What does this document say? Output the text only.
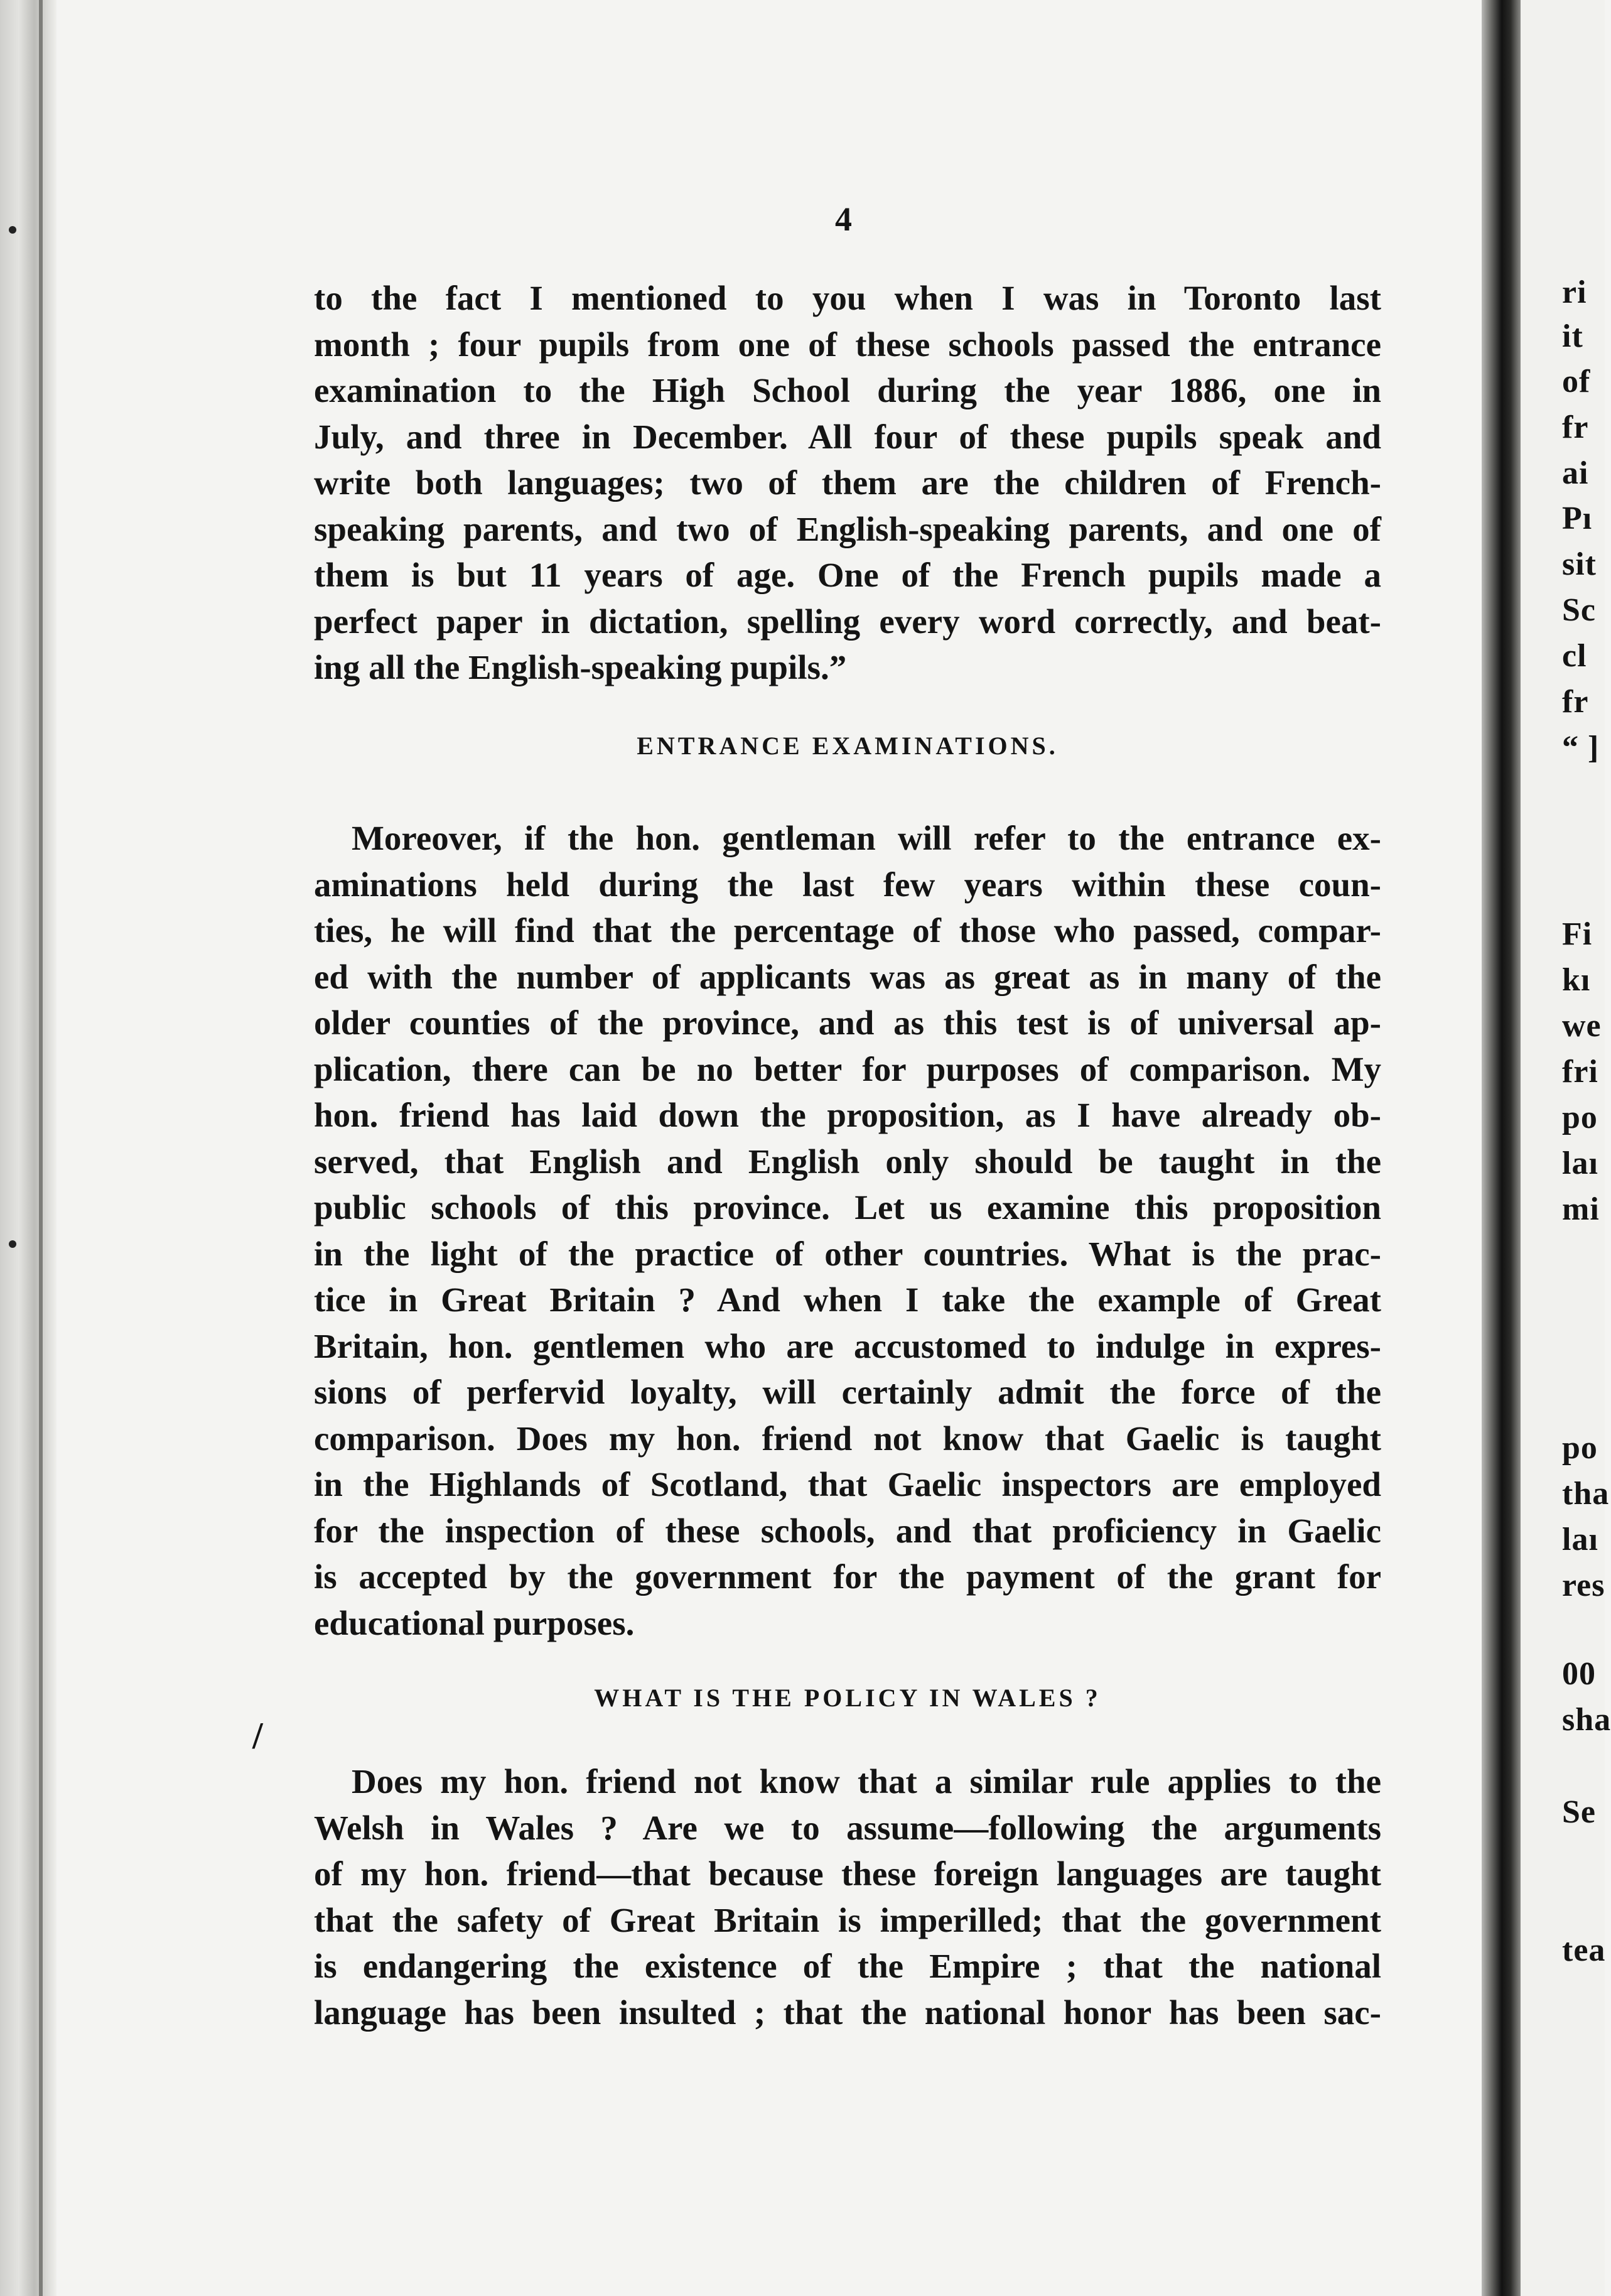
4
to the fact I mentioned to you when I was in Toronto last
month ; four pupils from one of these schools passed the entrance
examination to the High School during the year 1886, one in
July, and three in December. All four of these pupils speak and
write both languages; two of them are the children of French-
speaking parents, and two of English-speaking parents, and one of
them is but 11 years of age. One of the French pupils made a
perfect paper in dictation, spelling every word correctly, and beat-
ing all the English-speaking pupils.”
ENTRANCE EXAMINATIONS.
Moreover, if the hon. gentleman will refer to the entrance ex-
aminations held during the last few years within these coun-
ties, he will find that the percentage of those who passed, compar-
ed with the number of applicants was as great as in many of the
older counties of the province, and as this test is of universal ap-
plication, there can be no better for purposes of comparison. My
hon. friend has laid down the proposition, as I have already ob-
served, that English and English only should be taught in the
public schools of this province. Let us examine this proposition
in the light of the practice of other countries. What is the prac-
tice in Great Britain ? And when I take the example of Great
Britain, hon. gentlemen who are accustomed to indulge in expres-
sions of perfervid loyalty, will certainly admit the force of the
comparison. Does my hon. friend not know that Gaelic is taught
in the Highlands of Scotland, that Gaelic inspectors are employed
for the inspection of these schools, and that proficiency in Gaelic
is accepted by the government for the payment of the grant for
educational purposes.
WHAT IS THE POLICY IN WALES ?
/
Does my hon. friend not know that a similar rule applies to the
Welsh in Wales ? Are we to assume—following the arguments
of my hon. friend—that because these foreign languages are taught
that the safety of Great Britain is imperilled; that the government
is endangering the existence of the Empire ; that the national
language has been insulted ; that the national honor has been sac-
ri
it
of
fr
ai
Pı
sit
Sc
cl
fr
“ ]
Fi
kı
we
fri
po
laı
mi
po
tha
laı
res
00
sha
Se
tea
